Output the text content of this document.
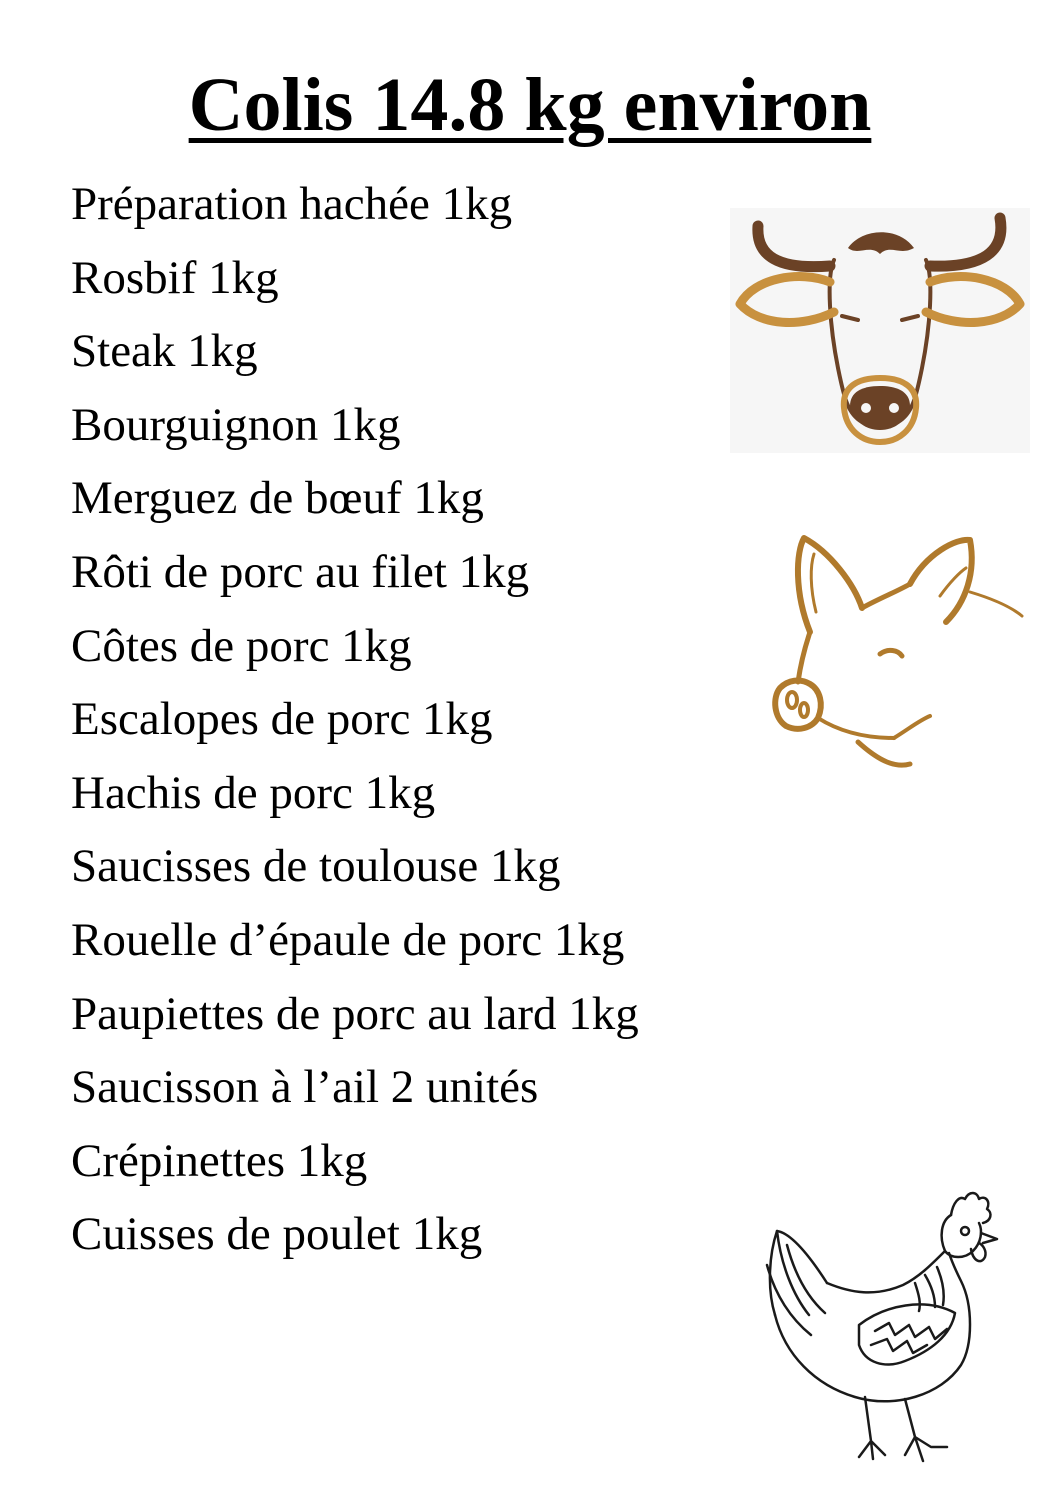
Colis 14.8 kg environ
Préparation hachée 1kg
Rosbif 1kg
Steak 1kg
Bourguignon 1kg
Merguez de bœuf 1kg
Rôti de porc au filet 1kg
Côtes de porc 1kg
Escalopes de porc 1kg
Hachis de porc 1kg
Saucisses de toulouse 1kg
Rouelle d’épaule de porc 1kg
Paupiettes de porc au lard 1kg
Saucisson à l’ail 2 unités
Crépinettes 1kg
Cuisses de poulet 1kg
